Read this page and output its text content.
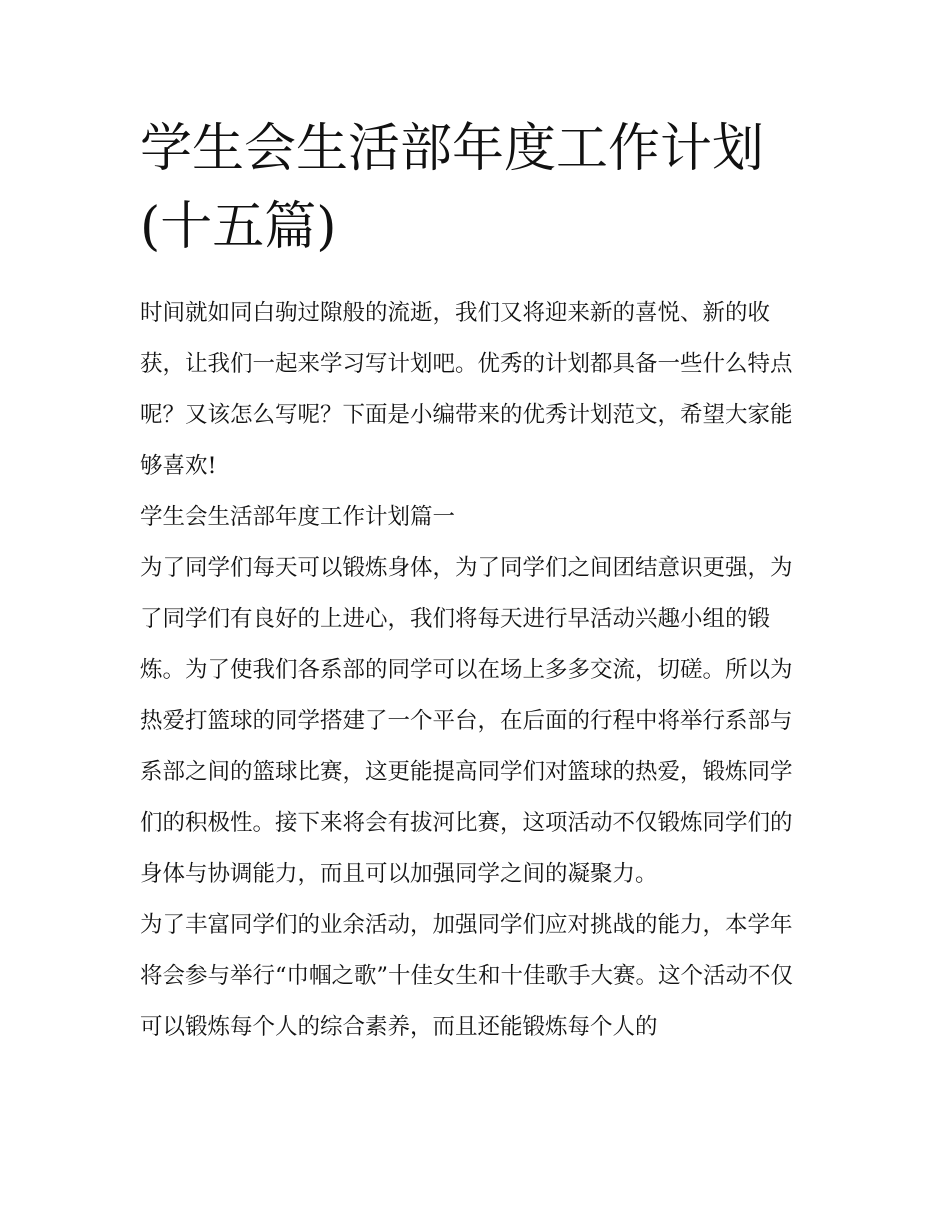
学生会生活部年度工作计划(十五篇)

时间就如同白驹过隙般的流逝，我们又将迎来新的喜悦、新的收获，让我们一起来学习写计划吧。优秀的计划都具备一些什么特点呢？又该怎么写呢？下面是小编带来的优秀计划范文，希望大家能够喜欢!

学生会生活部年度工作计划篇一

为了同学们每天可以锻炼身体，为了同学们之间团结意识更强，为了同学们有良好的上进心，我们将每天进行早活动兴趣小组的锻炼。为了使我们各系部的同学可以在场上多多交流，切磋。所以为热爱打篮球的同学搭建了一个平台，在后面的行程中将举行系部与系部之间的篮球比赛，这更能提高同学们对篮球的热爱，锻炼同学们的积极性。接下来将会有拔河比赛，这项活动不仅锻炼同学们的身体与协调能力，而且可以加强同学之间的凝聚力。

为了丰富同学们的业余活动，加强同学们应对挑战的能力，本学年将会参与举行“巾帼之歌”十佳女生和十佳歌手大赛。这个活动不仅可以锻炼每个人的综合素养，而且还能锻炼每个人的
